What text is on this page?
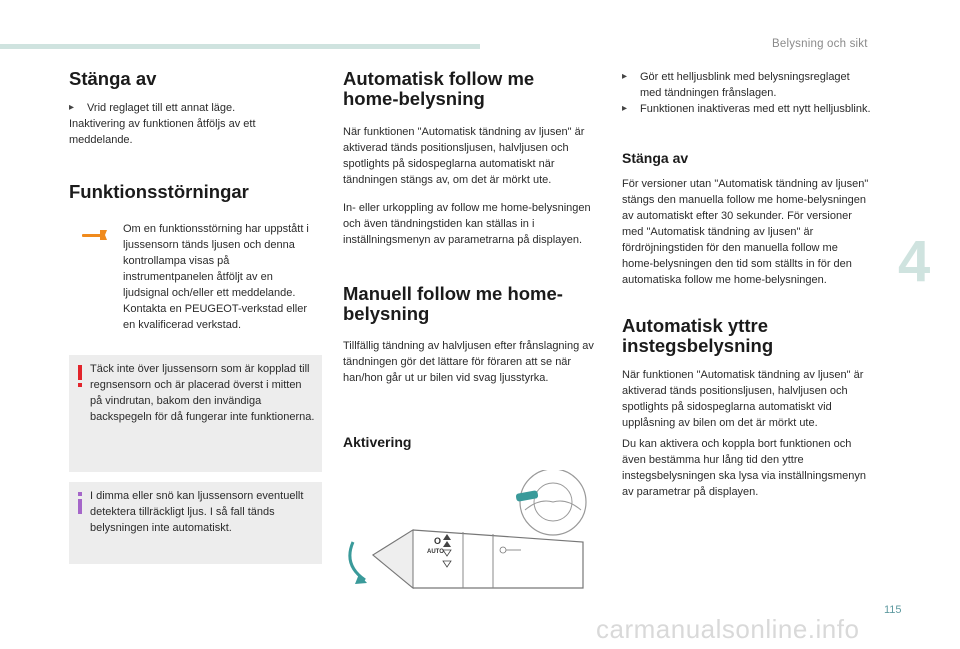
Belysning och sikt
4
115
Stänga av
▸	Vrid reglaget till ett annat läge.

Inaktivering av funktionen åtföljs av ett meddelande.

Funktionsstörningar

Om en funktionsstörning har uppstått i ljussensorn tänds ljusen och denna kontrollampa visas på instrumentpanelen åtföljt av en ljudsignal och/eller ett meddelande. Kontakta en PEUGEOT-verkstad eller en kvalificerad verkstad.

Täck inte över ljussensorn som är kopplad till regnsensorn och är placerad överst i mitten på vindrutan, bakom den invändiga backspegeln för då fungerar inte funktionerna.

I dimma eller snö kan ljussensorn eventuellt detektera tillräckligt ljus. I så fall tänds belysningen inte automatiskt.

Automatisk follow me home-belysning

När funktionen "Automatisk tändning av ljusen" är aktiverad tänds positionsljusen, halvljusen och spotlights på sidospeglarna automatiskt när tändningen stängs av, om det är mörkt ute.

In- eller urkoppling av follow me home-belysningen och även tändningstiden kan ställas in i inställningsmenyn av parametrarna på displayen.

Manuell follow me home-belysning

Tillfällig tändning av halvljusen efter frånslagning av tändningen gör det lättare för föraren att se när han/hon går ut ur bilen vid svag ljusstyrka.

Aktivering
O
AUTO
▸	Gör ett helljusblink med belysningsreglaget med tändningen frånslagen.
▸	Funktionen inaktiveras med ett nytt helljusblink.
Stänga av

För versioner utan "Automatisk tändning av ljusen" stängs den manuella follow me home-belysningen av automatiskt efter 30 sekunder. För versioner med "Automatisk tändning av ljusen" är fördröjningstiden för den manuella follow me home-belysningen den tid som ställts in för den automatiska follow me home-belysningen.

Automatisk yttre instegsbelysning

När funktionen "Automatisk tändning av ljusen" är aktiverad tänds positionsljusen, halvljusen och spotlights på sidospeglarna automatiskt vid upplåsning av bilen om det är mörkt ute.

Du kan aktivera och koppla bort funktionen och även bestämma hur lång tid den yttre instegsbelysningen ska lysa via inställningsmenyn av parametrar på displayen.

carmanualsonline.info
